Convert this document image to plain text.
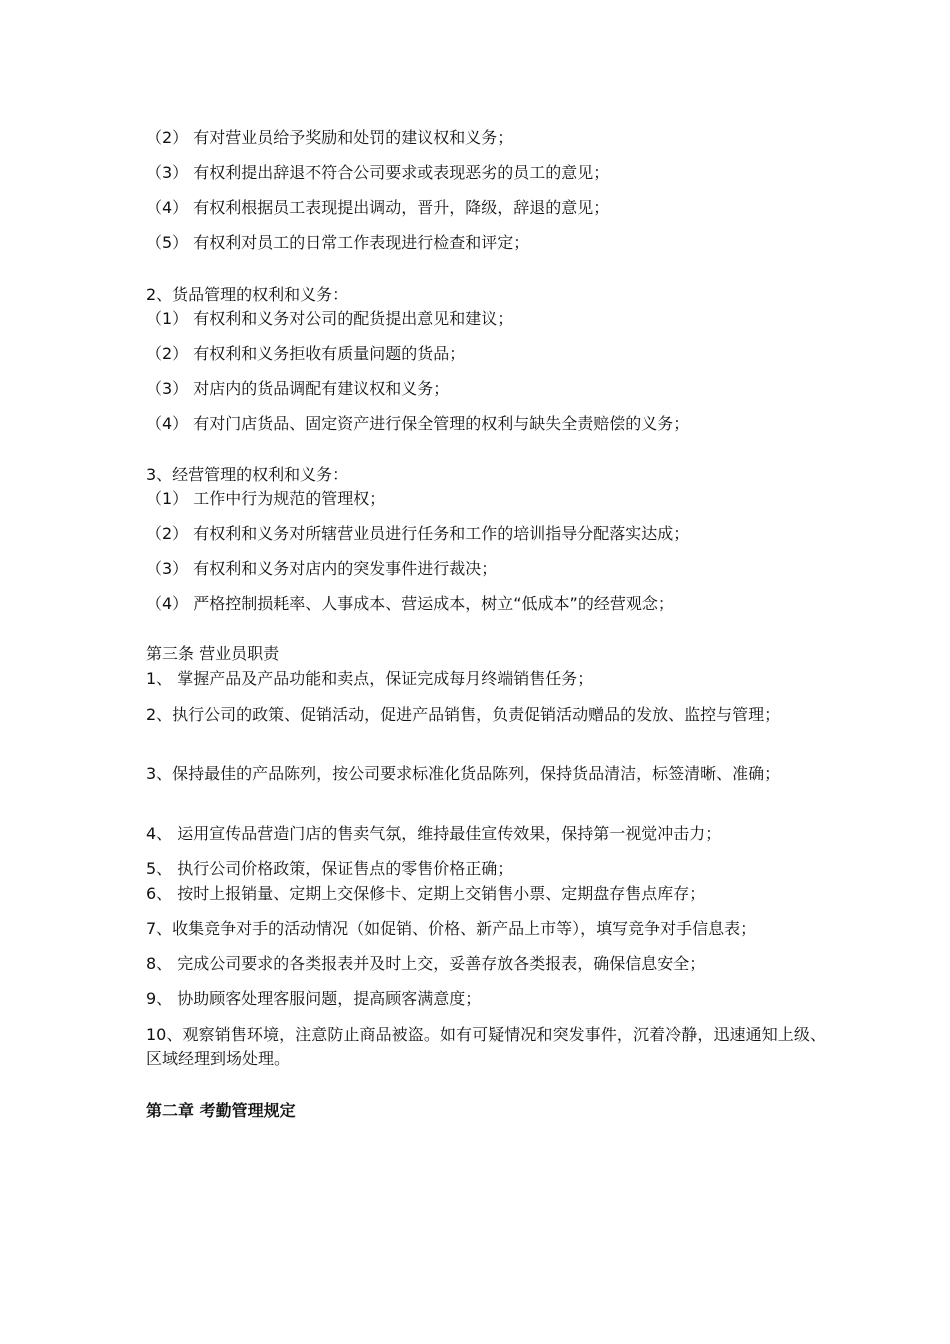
（2） 有对营业员给予奖励和处罚的建议权和义务；
（3） 有权利提出辞退不符合公司要求或表现恶劣的员工的意见；
（4） 有权利根据员工表现提出调动，晋升，降级，辞退的意见；
（5） 有权利对员工的日常工作表现进行检查和评定；
2、货品管理的权利和义务：
（1） 有权利和义务对公司的配货提出意见和建议；
（2） 有权利和义务拒收有质量问题的货品；
（3） 对店内的货品调配有建议权和义务；
（4） 有对门店货品、固定资产进行保全管理的权利与缺失全责赔偿的义务；
3、经营管理的权利和义务：
（1） 工作中行为规范的管理权；
（2） 有权利和义务对所辖营业员进行任务和工作的培训指导分配落实达成；
（3） 有权利和义务对店内的突发事件进行裁决；
（4） 严格控制损耗率、人事成本、营运成本，树立“低成本”的经营观念；
第三条 营业员职责
1、 掌握产品及产品功能和卖点，保证完成每月终端销售任务；
2、执行公司的政策、促销活动，促进产品销售，负责促销活动赠品的发放、监控与管理；
3、保持最佳的产品陈列，按公司要求标准化货品陈列，保持货品清洁，标签清晰、准确；
4、 运用宣传品营造门店的售卖气氛，维持最佳宣传效果，保持第一视觉冲击力；
5、 执行公司价格政策，保证售点的零售价格正确；
6、 按时上报销量、定期上交保修卡、定期上交销售小票、定期盘存售点库存；
7、收集竞争对手的活动情况（如促销、价格、新产品上市等），填写竞争对手信息表；
8、 完成公司要求的各类报表并及时上交，妥善存放各类报表，确保信息安全；
9、 协助顾客处理客服问题，提高顾客满意度；
10、观察销售环境，注意防止商品被盗。如有可疑情况和突发事件，沉着冷静，迅速通知上级、区域经理到场处理。
第二章 考勤管理规定
